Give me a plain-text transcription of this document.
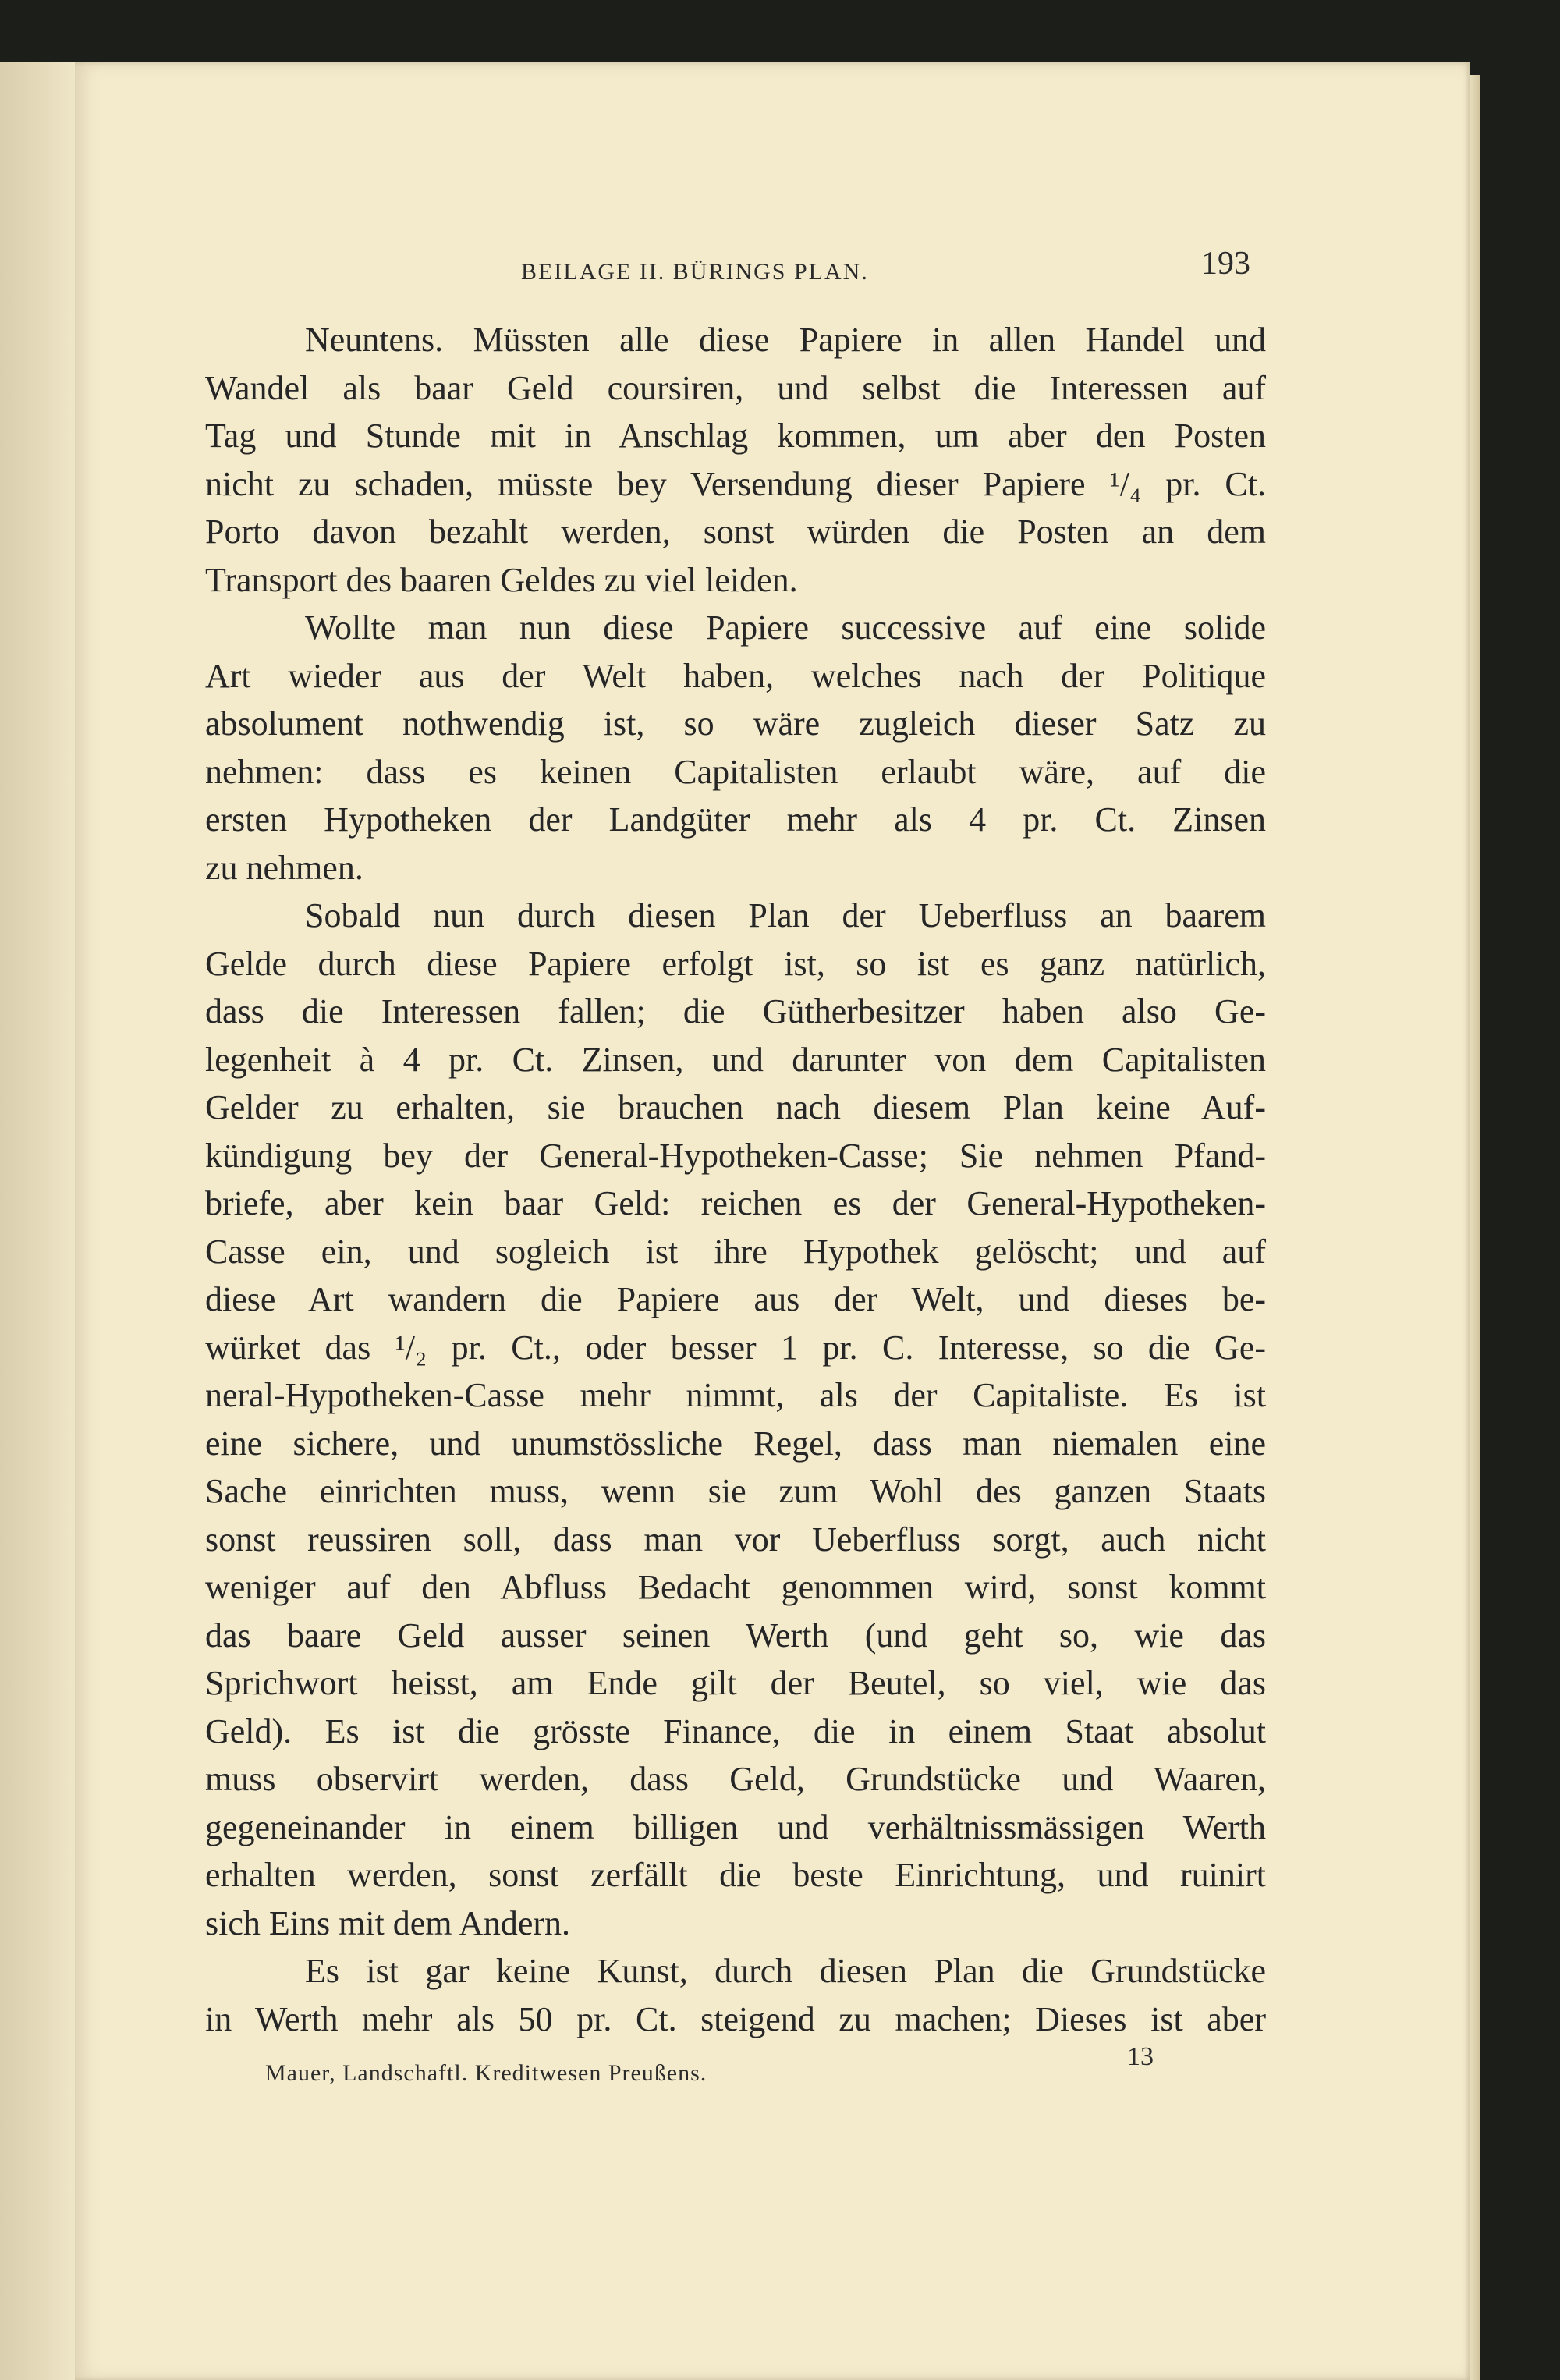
BEILAGE II. BÜRINGS PLAN.	193
Neuntens. Müssten alle diese Papiere in allen Handel und
Wandel als baar Geld coursiren, und selbst die Interessen auf
Tag und Stunde mit in Anschlag kommen, um aber den Posten
nicht zu schaden, müsste bey Versendung dieser Papiere ¹/₄ pr. Ct.
Porto davon bezahlt werden, sonst würden die Posten an dem
Transport des baaren Geldes zu viel leiden.
Wollte man nun diese Papiere successive auf eine solide
Art wieder aus der Welt haben, welches nach der Politique
absolument nothwendig ist, so wäre zugleich dieser Satz zu
nehmen: dass es keinen Capitalisten erlaubt wäre, auf die
ersten Hypotheken der Landgüter mehr als 4 pr. Ct. Zinsen
zu nehmen.
Sobald nun durch diesen Plan der Ueberfluss an baarem
Gelde durch diese Papiere erfolgt ist, so ist es ganz natürlich,
dass die Interessen fallen; die Gütherbesitzer haben also Ge-
legenheit à 4 pr. Ct. Zinsen, und darunter von dem Capitalisten
Gelder zu erhalten, sie brauchen nach diesem Plan keine Auf-
kündigung bey der General-Hypotheken-Casse; Sie nehmen Pfand-
briefe, aber kein baar Geld: reichen es der General-Hypotheken-
Casse ein, und sogleich ist ihre Hypothek gelöscht; und auf
diese Art wandern die Papiere aus der Welt, und dieses be-
würket das ¹/₂ pr. Ct., oder besser 1 pr. C. Interesse, so die Ge-
neral-Hypotheken-Casse mehr nimmt, als der Capitaliste. Es ist
eine sichere, und unumstössliche Regel, dass man niemalen eine
Sache einrichten muss, wenn sie zum Wohl des ganzen Staats
sonst reussiren soll, dass man vor Ueberfluss sorgt, auch nicht
weniger auf den Abfluss Bedacht genommen wird, sonst kommt
das baare Geld ausser seinen Werth (und geht so, wie das
Sprichwort heisst, am Ende gilt der Beutel, so viel, wie das
Geld). Es ist die grösste Finance, die in einem Staat absolut
muss observirt werden, dass Geld, Grundstücke und Waaren,
gegeneinander in einem billigen und verhältnissmässigen Werth
erhalten werden, sonst zerfällt die beste Einrichtung, und ruinirt
sich Eins mit dem Andern.
Es ist gar keine Kunst, durch diesen Plan die Grundstücke
in Werth mehr als 50 pr. Ct. steigend zu machen; Dieses ist aber
Mauer, Landschaftl. Kreditwesen Preußens.
13
